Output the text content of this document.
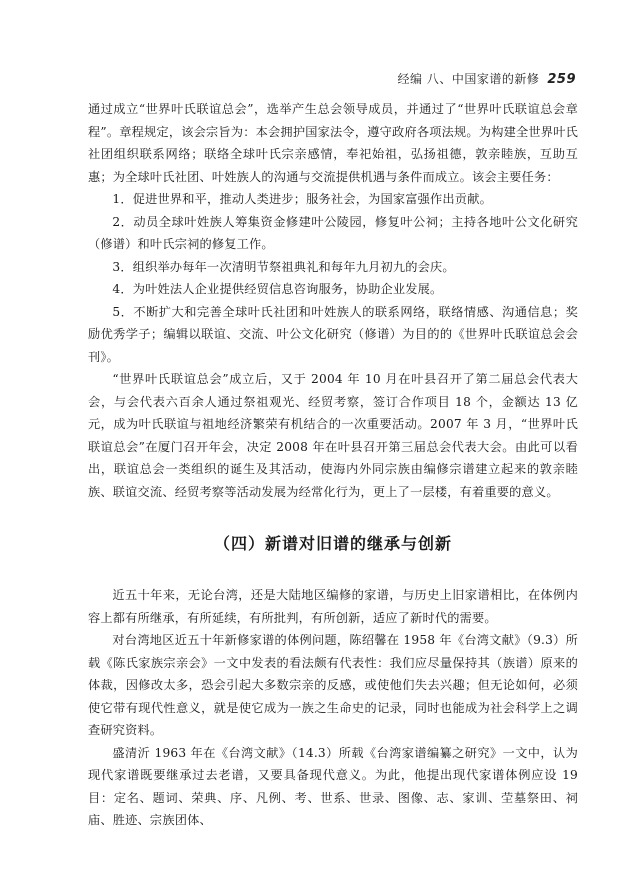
经编 八、中国家谱的新修 259

通过成立“世界叶氏联谊总会”，选举产生总会领导成员，并通过了“世界叶氏联谊总会章程”。章程规定，该会宗旨为：本会拥护国家法令，遵守政府各项法规。为构建全世界叶氏社团组织联系网络；联络全球叶氏宗亲感情，奉祀始祖，弘扬祖德，敦亲睦族，互助互惠；为全球叶氏社团、叶姓族人的沟通与交流提供机遇与条件而成立。该会主要任务：

1．促进世界和平，推动人类进步；服务社会，为国家富强作出贡献。

2．动员全球叶姓族人筹集资金修建叶公陵园，修复叶公祠；主持各地叶公文化研究（修谱）和叶氏宗祠的修复工作。

3．组织举办每年一次清明节祭祖典礼和每年九月初九的会庆。

4．为叶姓法人企业提供经贸信息咨询服务，协助企业发展。

5．不断扩大和完善全球叶氏社团和叶姓族人的联系网络，联络情感、沟通信息；奖励优秀学子；编辑以联谊、交流、叶公文化研究（修谱）为目的的《世界叶氏联谊总会会刊》。

“世界叶氏联谊总会”成立后，又于 2004 年 10 月在叶县召开了第二届总会代表大会，与会代表六百余人通过祭祖观光、经贸考察，签订合作项目 18 个，金额达 13 亿元，成为叶氏联谊与祖地经济繁荣有机结合的一次重要活动。2007 年 3 月，“世界叶氏联谊总会”在厦门召开年会，决定 2008 年在叶县召开第三届总会代表大会。由此可以看出，联谊总会一类组织的诞生及其活动，使海内外同宗族由编修宗谱建立起来的敦亲睦族、联谊交流、经贸考察等活动发展为经常化行为，更上了一层楼，有着重要的意义。

（四）新谱对旧谱的继承与创新

近五十年来，无论台湾，还是大陆地区编修的家谱，与历史上旧家谱相比，在体例内容上都有所继承，有所延续，有所批判，有所创新，适应了新时代的需要。

对台湾地区近五十年新修家谱的体例问题，陈绍馨在 1958 年《台湾文献》（9.3）所载《陈氏家族宗亲会》一文中发表的看法颇有代表性：我们应尽量保持其（族谱）原来的体裁，因修改太多，恐会引起大多数宗亲的反感，或使他们失去兴趣；但无论如何，必须使它带有现代性意义，就是使它成为一族之生命史的记录，同时也能成为社会科学上之调查研究资料。

盛清沂 1963 年在《台湾文献》（14.3）所载《台湾家谱编纂之研究》一文中，认为现代家谱既要继承过去老谱，又要具备现代意义。为此，他提出现代家谱体例应设 19 目：定名、题词、荣典、序、凡例、考、世系、世录、图像、志、家训、茔墓祭田、祠庙、胜迹、宗族团体、
